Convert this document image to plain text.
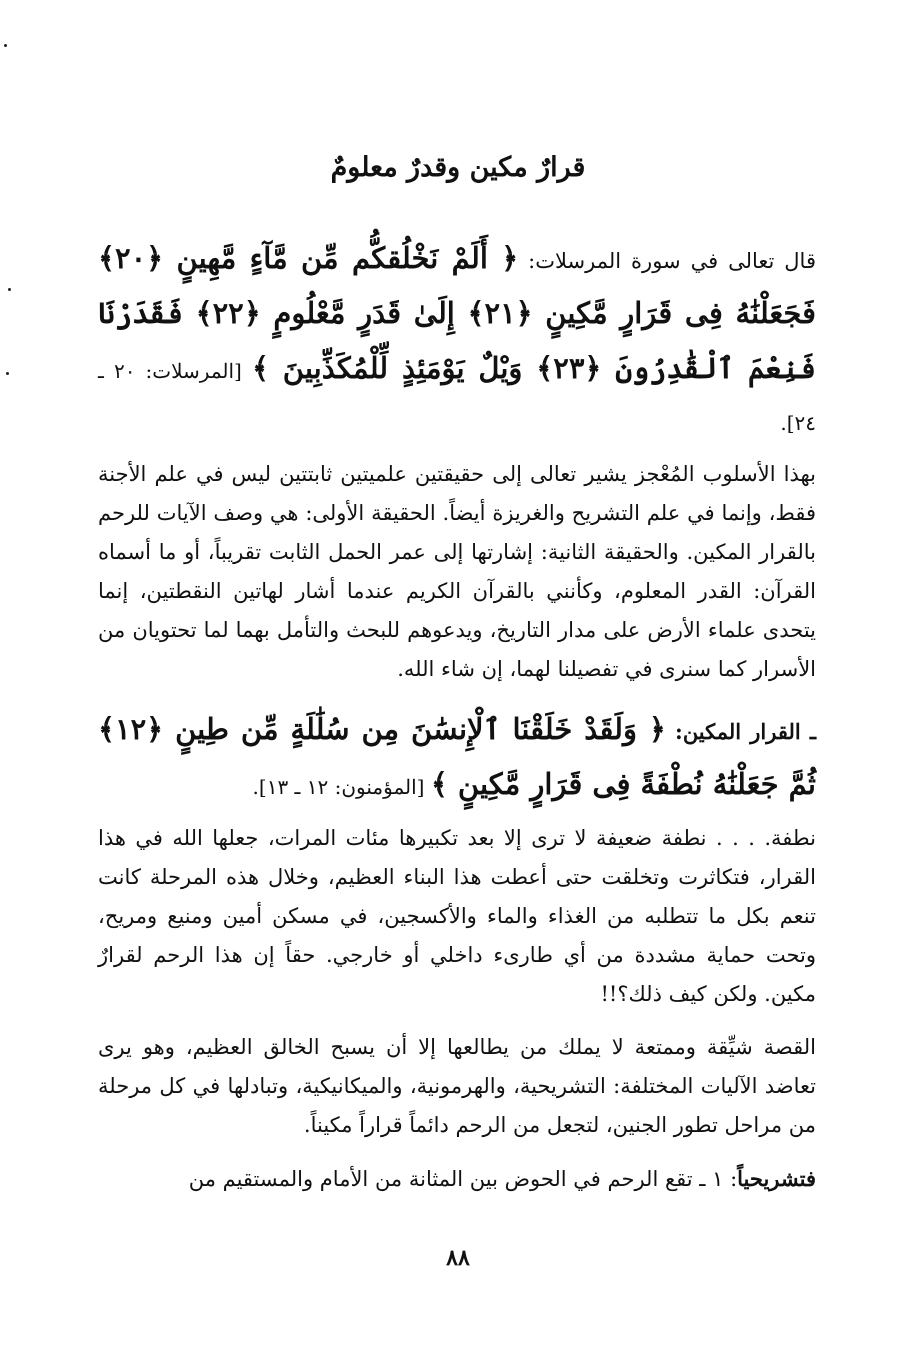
قرارٌ مكين وقدرٌ معلومٌ

قال تعالى في سورة المرسلات: ﴿ أَلَمْ نَخْلُقكُّم مِّن مَّآءٍ مَّهِينٍ ﴿٢٠﴾ فَجَعَلْنَٰهُ فِى قَرَارٍ مَّكِينٍ ﴿٢١﴾ إِلَىٰ قَدَرٍ مَّعْلُومٍ ﴿٢٢﴾ فَقَدَرْنَا فَنِعْمَ ٱلْقَٰدِرُونَ ﴿٢٣﴾ وَيْلٌ يَوْمَئِذٍ لِّلْمُكَذِّبِينَ ﴾ [المرسلات: ٢٠ ـ ٢٤].

بهذا الأسلوب المُعْجز يشير تعالى إلى حقيقتين علميتين ثابتتين ليس في علم الأجنة فقط، وإنما في علم التشريح والغريزة أيضاً. الحقيقة الأولى: هي وصف الآيات للرحم بالقرار المكين. والحقيقة الثانية: إشارتها إلى عمر الحمل الثابت تقريباً، أو ما أسماه القرآن: القدر المعلوم، وكأنني بالقرآن الكريم عندما أشار لهاتين النقطتين، إنما يتحدى علماء الأرض على مدار التاريخ، ويدعوهم للبحث والتأمل بهما لما تحتويان من الأسرار كما سنرى في تفصيلنا لهما، إن شاء الله.

ـ القرار المكين: ﴿ وَلَقَدْ خَلَقْنَا ٱلْإِنسَٰنَ مِن سُلَٰلَةٍ مِّن طِينٍ ﴿١٢﴾ ثُمَّ جَعَلْنَٰهُ نُطْفَةً فِى قَرَارٍ مَّكِينٍ ﴾ [المؤمنون: ١٢ ـ ١٣].

نطفة. . . . نطفة ضعيفة لا ترى إلا بعد تكبيرها مئات المرات، جعلها الله في هذا القرار، فتكاثرت وتخلقت حتى أعطت هذا البناء العظيم، وخلال هذه المرحلة كانت تنعم بكل ما تتطلبه من الغذاء والماء والأكسجين، في مسكن أمين ومنيع ومريح، وتحت حماية مشددة من أي طارىء داخلي أو خارجي. حقاً إن هذا الرحم لقرارٌ مكين. ولكن كيف ذلك؟!!

القصة شيِّقة وممتعة لا يملك من يطالعها إلا أن يسبح الخالق العظيم، وهو يرى تعاضد الآليات المختلفة: التشريحية، والهرمونية، والميكانيكية، وتبادلها في كل مرحلة من مراحل تطور الجنين، لتجعل من الرحم دائماً قراراً مكيناً.

فتشريحياً: ١ ـ تقع الرحم في الحوض بين المثانة من الأمام والمستقيم من

٨٨
